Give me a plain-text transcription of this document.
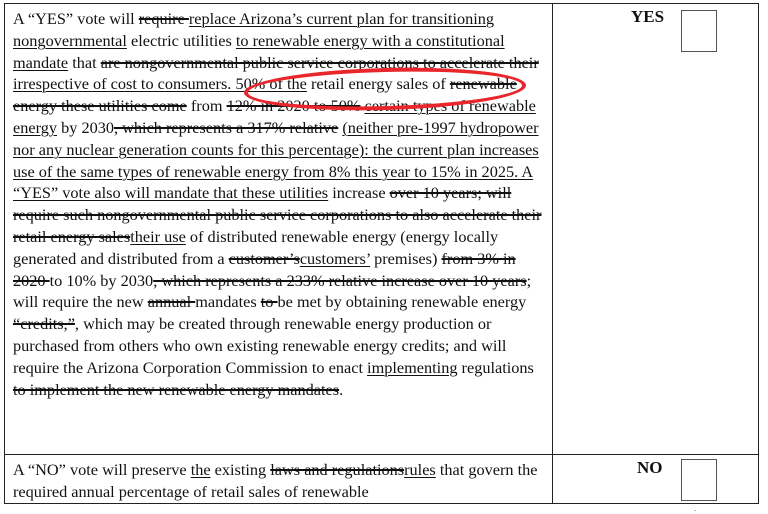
A “YES” vote will require replace Arizona’s current plan for transitioning nongovernmental electric utilities to renewable energy with a constitutional mandate that are nongovernmental public service corporations to accelerate their irrespective of cost to consumers. 50% of the retail energy sales of renewable energy these utilities come from 12% in 2020 to 50% certain types of renewable energy by 2030, which represents a 317% relative (neither pre-1997 hydropower nor any nuclear generation counts for this percentage): the current plan increases use of the same types of renewable energy from 8% this year to 15% in 2025. A “YES” vote also will mandate that these utilities increase over 10 years; will require such nongovernmental public service corporations to also accelerate their retail energy salestheir use of distributed renewable energy (energy locally generated and distributed from a customer’scustomers’ premises) from 3% in 2020 to 10% by 2030, which represents a 233% relative increase over 10 years; will require the new annual mandates to be met by obtaining renewable energy “credits,”, which may be created through renewable energy production or purchased from others who own existing renewable energy credits; and will require the Arizona Corporation Commission to enact implementing regulations to implement the new renewable energy mandates.	YES

A “NO” vote will preserve the existing laws and regulationsrules that govern the required annual percentage of retail sales of renewable	NO
.
